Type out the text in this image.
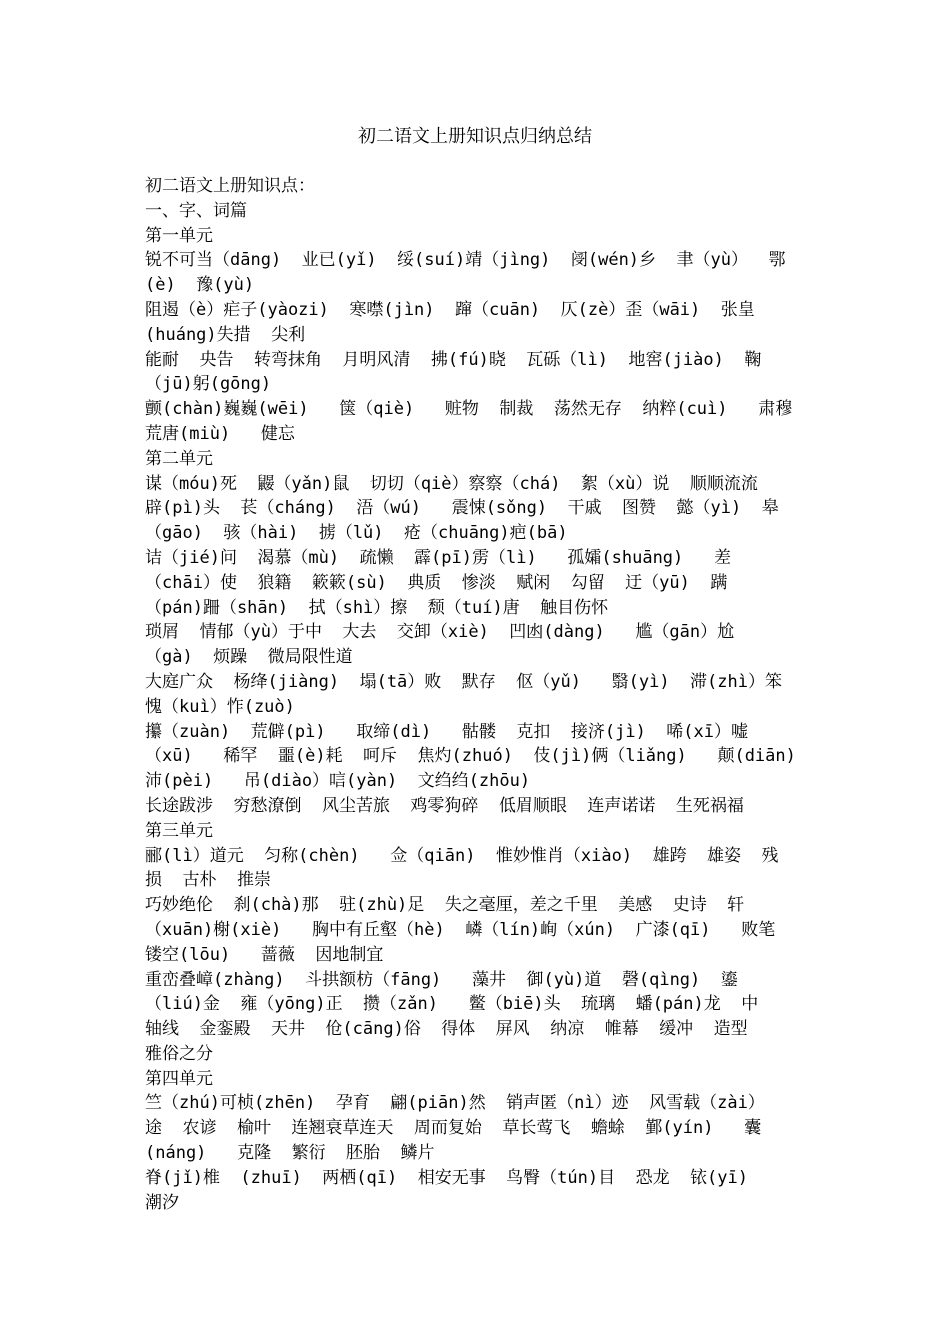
初二语文上册知识点归纳总结
初二语文上册知识点：
一、字、词篇
第一单元
锐不可当（dāng)  业已(yǐ)  绥(suí)靖（jìng)  阌(wén)乡  聿（yù）  鄂
(è)  豫(yù)
阻遏（è）疟子(yàozi)  寒噤(jìn)  蹿（cuān)  仄(zè）歪（wāi)  张皇
(huáng)失措  尖利
能耐  央告  转弯抹角  月明风清  拂(fú)晓  瓦砾（lì)  地窖(jiào)  鞠
（jū)躬(gōng)
颤(chàn)巍巍(wēi)   箧（qiè)   赃物  制裁  荡然无存  纳粹(cuì)   肃穆
荒唐(miù)   健忘
第二单元
谋（móu)死  鼹（yǎn)鼠  切切（qiè）察察（chá)  絮（xù）说  顺顺流流
辟(pì)头  苌（cháng)  浯（wú)   震悚(sǒng)  干戚  图赞  懿（yì)  皋
（gāo)  骇（hài)  掳（lǔ)  疮（chuāng)疤(bā)
诘（jié)问  渴慕（mù)  疏懒  霹(pī)雳（lì)   孤孀(shuāng)   差
（chāi）使  狼籍  簌簌(sù)  典质  惨淡  赋闲  勾留  迂（yū)  蹒
（pán)跚（shān)  拭（shì）擦  颓（tuí)唐  触目伤怀
琐屑  情郁（yù）于中  大去  交卸（xiè)  凹凼(dàng)   尴（gān）尬
（gà)  烦躁  微局限性道
大庭广众  杨绛(jiàng)  塌(tā）败  默存  伛（yǔ)   翳(yì)  滞(zhì）笨
愧（kuì）怍(zuò)
攥（zuàn)  荒僻(pì)   取缔(dì)   骷髅  克扣  接济(jì)  唏(xī）嘘
（xū)   稀罕  噩(è)耗  呵斥  焦灼(zhuó)  伎(jì)俩（liǎng)   颠(diān)
沛(pèi)   吊(diào）唁(yàn)  文绉绉(zhōu)
长途跋涉  穷愁潦倒  风尘苦旅  鸡零狗碎  低眉顺眼  连声诺诺  生死祸福
第三单元
郦(lì）道元  匀称(chèn)   佥（qiān)  惟妙惟肖（xiào)  雄跨  雄姿  残
损  古朴  推崇
巧妙绝伦  刹(chà)那  驻(zhù)足  失之毫厘，差之千里  美感  史诗  轩
（xuān)榭(xiè)   胸中有丘壑（hè)  嶙（lín)峋（xún)  广漆(qī)   败笔
镂空(lōu)   蔷薇  因地制宜
重峦叠嶂(zhàng)  斗拱额枋（fāng)   藻井  御(yù)道  磬(qìng)  鎏
（liú)金  雍（yōng)正  攒（zǎn)   鳖（biē)头  琉璃  蟠(pán)龙  中
轴线  金銮殿  天井  伧(cāng)俗  得体  屏风  纳凉  帷幕  缓冲  造型
雅俗之分
第四单元
竺（zhú)可桢(zhēn)  孕育  翩(piān)然  销声匿（nì）迹  风雪载（zài）
途  农谚  榆叶  连翘衰草连天  周而复始  草长莺飞  蟾蜍  鄞(yín)   囊
(náng)   克隆  繁衍  胚胎  鳞片
脊(jǐ)椎  (zhuī)  两栖(qī)  相安无事  鸟臀（tún)目  恐龙  铱(yī)
潮汐
